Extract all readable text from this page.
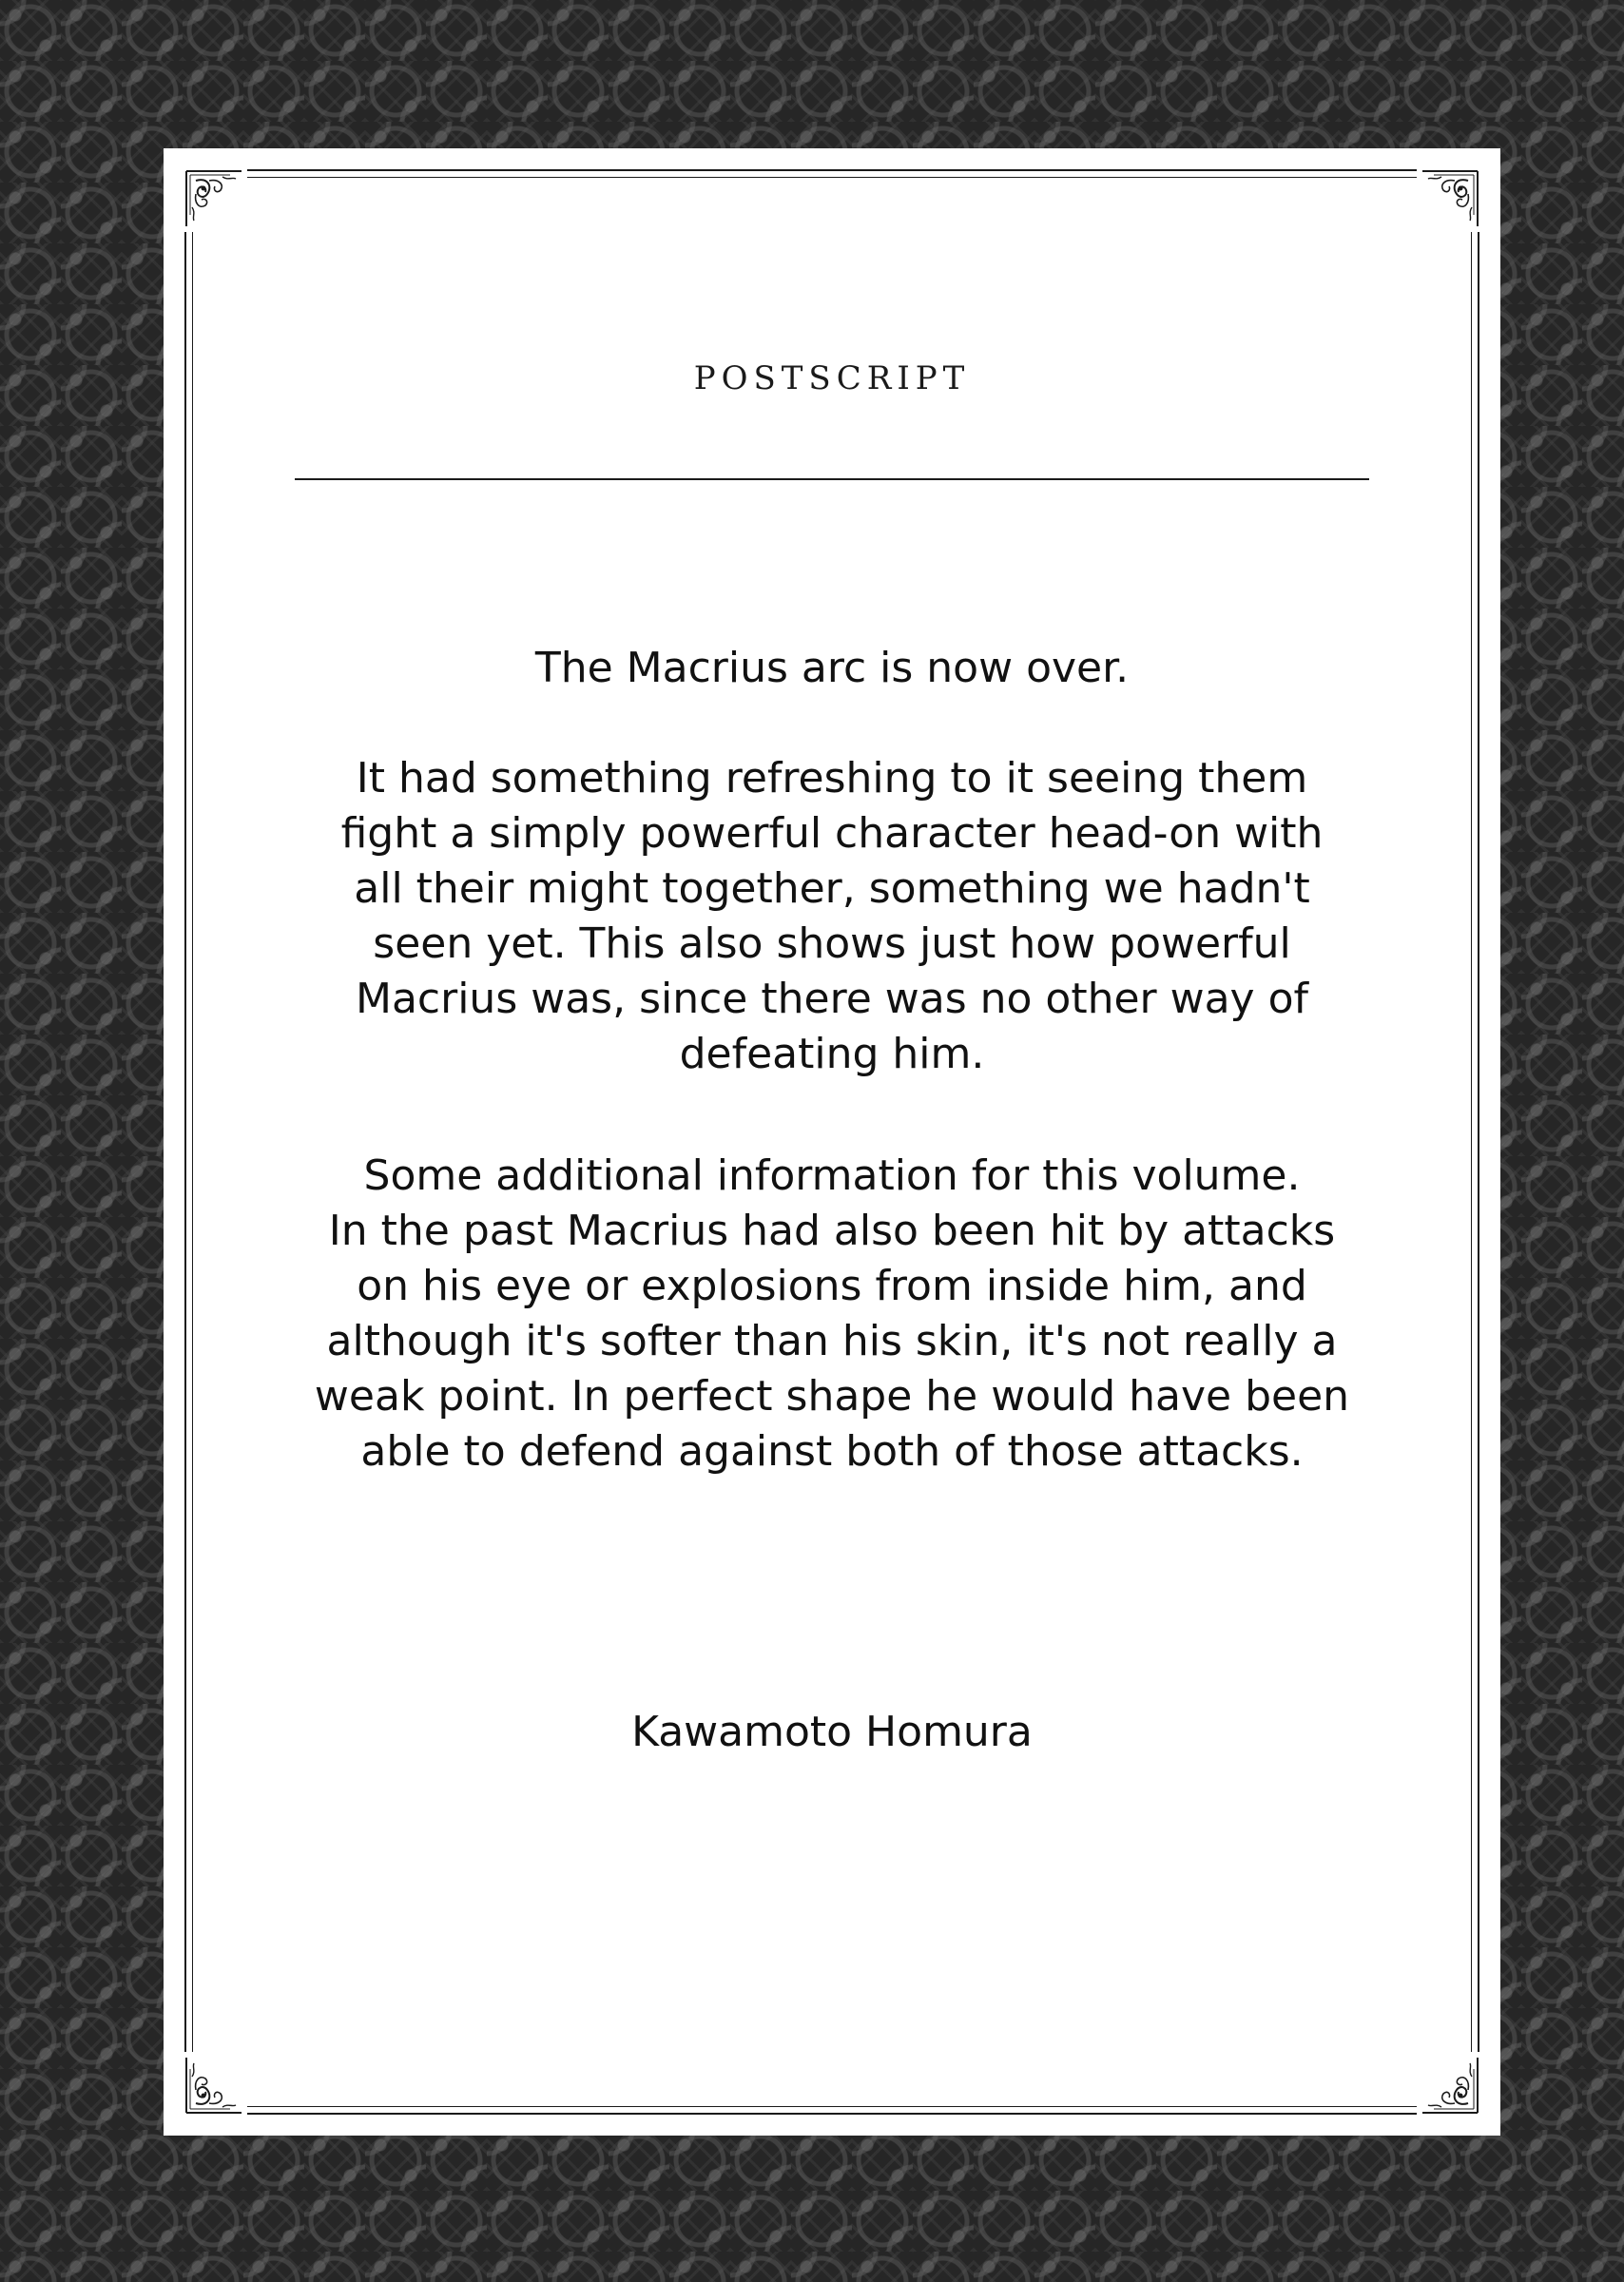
POSTSCRIPT
The Macrius arc is now over.
It had something refreshing to it seeing them
fight a simply powerful character head-on with
all their might together, something we hadn't
seen yet. This also shows just how powerful
Macrius was, since there was no other way of
defeating him.
Some additional information for this volume.
In the past Macrius had also been hit by attacks
on his eye or explosions from inside him, and
although it's softer than his skin, it's not really a
weak point. In perfect shape he would have been
able to defend against both of those attacks.
Kawamoto Homura
